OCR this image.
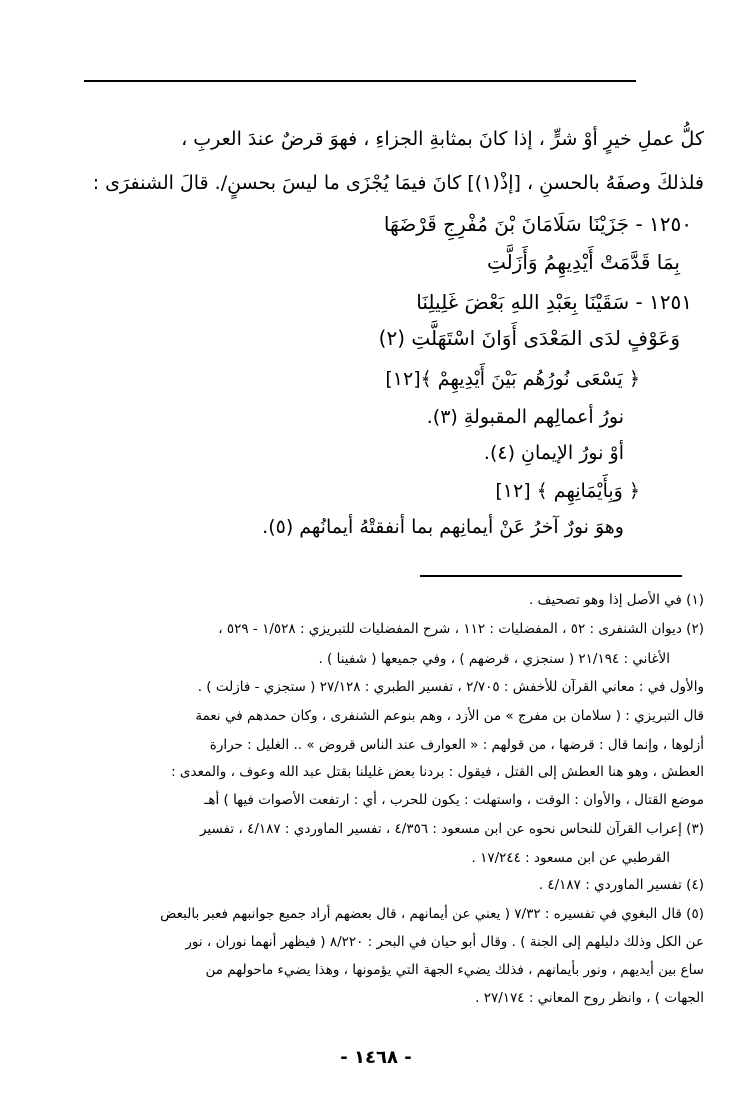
كلُّ عملِ خيرٍ أوْ شرٍّ ، إذا كانَ بمثابةِ الجزاءِ ، فهوَ قرضٌ عندَ العربِ ،
فلذلكَ وصفَهُ بالحسنِ ، [إذْ(١)] كانَ فيمَا يُجْزَى ما ليسَ بحسنٍ/. قالَ الشنفرَى :
١٢٥٠ - جَزَيْنَا سَلَامَانَ بْنَ مُفْرِجِ قَرْضَهَا
بِمَا قَدَّمَتْ أَيْدِيهِمُ وَأَزَلَّتِ
١٢٥١ - سَقَيْنَا بِعَبْدِ اللهِ بَعْضَ غَلِيلِنَا
وَعَوْفٍ لدَى المَعْدَى أَوَانَ اسْتَهَلَّتِ (٢)
﴿ يَسْعَى نُورُهُم بَيْنَ أَيْدِيهِمْ ﴾[١٢]
نورُ أعمالِهم المقبولةِ (٣).
أوْ نورُ الإيمانِ (٤).
﴿ وَبِأَيْمَانِهِم ﴾ [١٢]
وهوَ نورٌ آخرُ عَنْ أيمانِهم بما أنفقتْهُ أيمانُهم (٥).
(١) في الأصل إذا وهو تصحيف .
(٢) ديوان الشنفرى : ٥٢ ، المفضليات : ١١٢ ، شرح المفضليات للتبريزي : ١/٥٢٨ - ٥٢٩ ،
الأغاني : ٢١/١٩٤ ( سنجزي ، قرضهم ) ، وفي جميعها ( شفينا ) .
والأول في : معاني القرآن للأخفش : ٢/٧٠٥ ، تفسير الطبري : ٢٧/١٢٨ ( ستجزي - فازلت ) .
قال التبريزي : ( سلامان بن مفرج » من الأزد ، وهم بنوعم الشنفرى ، وكان حمدهم في نعمة
أزلوها ، وإنما قال : قرضها ، من قولهم : « العوارف عند الناس قروض » .. الغليل : حرارة
العطش ، وهو هنا العطش إلى القتل ، فيقول : بردنا بعض غليلنا بقتل عبد الله وعوف ، والمعدى :
موضع القتال ، والأوان : الوقت ، واستهلت : يكون للحرب ، أي : ارتفعت الأصوات فيها ) أهـ
(٣) إعراب القرآن للنحاس نحوه عن ابن مسعود : ٤/٣٥٦ ، تفسير الماوردي : ٤/١٨٧ ، تفسير
القرطبي عن ابن مسعود : ١٧/٢٤٤ .
(٤) تفسير الماوردي : ٤/١٨٧ .
(٥) قال البغوي في تفسيره : ٧/٣٢ ( يعني عن أيمانهم ، قال بعضهم أراد جميع جوانبهم فعبر بالبعض
عن الكل وذلك دليلهم إلى الجنة ) . وقال أبو حيان في البحر : ٨/٢٢٠ ( فيظهر أنهما نوران ، نور
ساع بين أيديهم ، ونور بأيمانهم ، فذلك يضيء الجهة التي يؤمونها ، وهذا يضيء ماحولهم من
الجهات ) ، وانظر روح المعاني : ٢٧/١٧٤ .
- ١٤٦٨ -
